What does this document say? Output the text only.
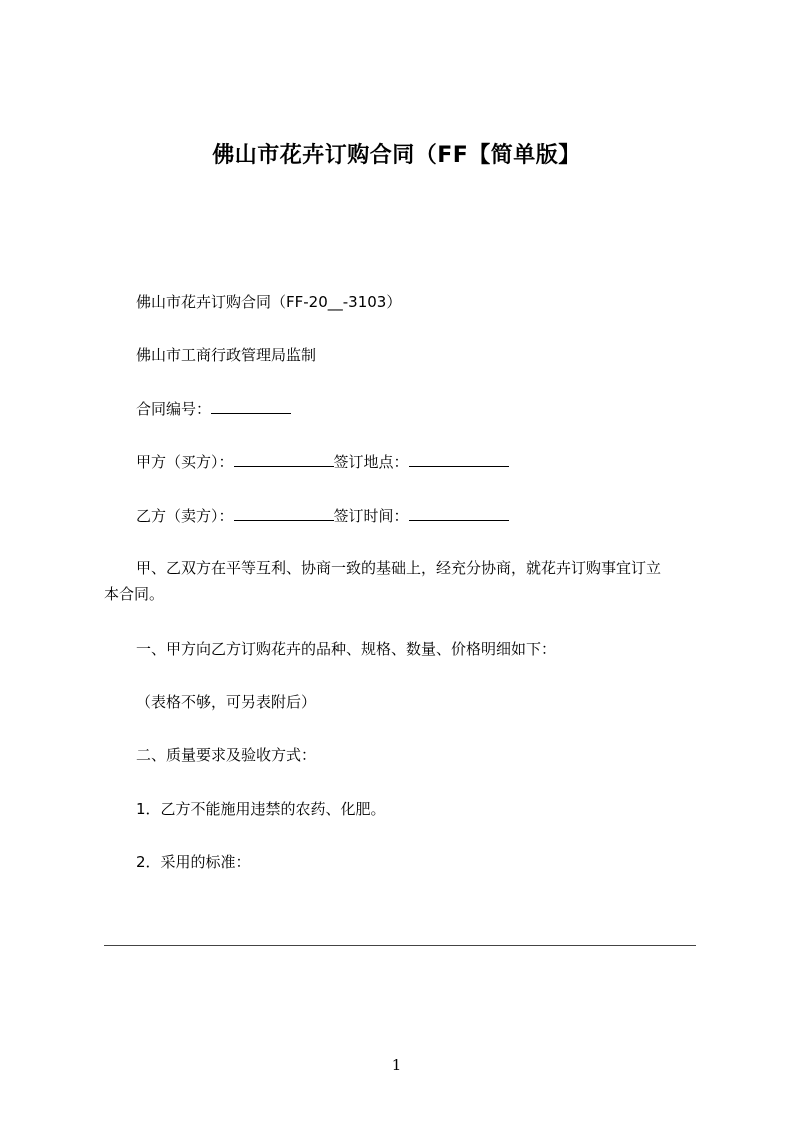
佛山市花卉订购合同（FF【简单版】
佛山市花卉订购合同（FF-20__-3103）
佛山市工商行政管理局监制
合同编号：
甲方（买方）：	签订地点：
乙方（卖方）：	签订时间：
甲、乙双方在平等互利、协商一致的基础上，经充分协商，就花卉订购事宜订立
本合同。
一、甲方向乙方订购花卉的品种、规格、数量、价格明细如下：
（表格不够，可另表附后）
二、质量要求及验收方式：
1．乙方不能施用违禁的农药、化肥。
2．采用的标准：
1
